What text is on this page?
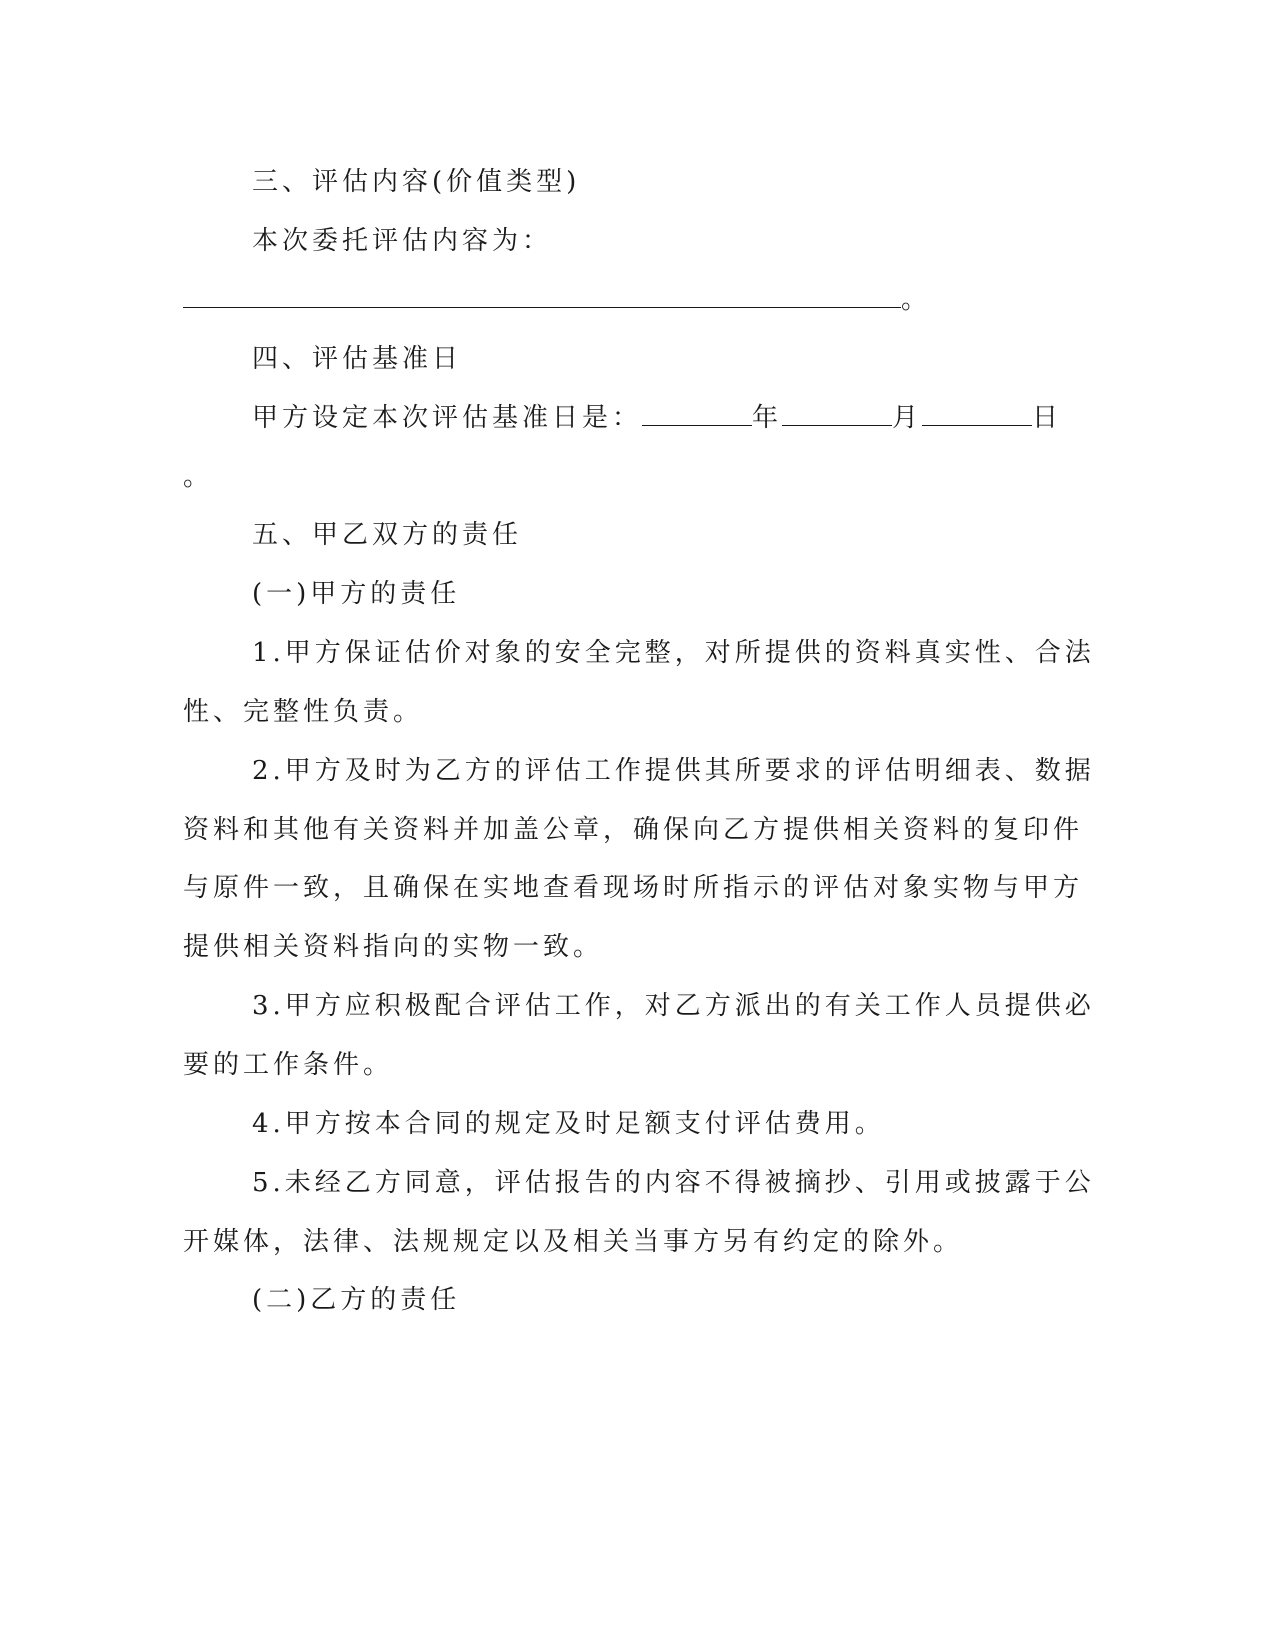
三、评估内容(价值类型)
本次委托评估内容为：
。
四、评估基准日
甲方设定本次评估基准日是：	年	月	日
。
五、甲乙双方的责任
(一)甲方的责任
1.甲方保证估价对象的安全完整，对所提供的资料真实性、合法
性、完整性负责。
2.甲方及时为乙方的评估工作提供其所要求的评估明细表、数据
资料和其他有关资料并加盖公章，确保向乙方提供相关资料的复印件
与原件一致，且确保在实地查看现场时所指示的评估对象实物与甲方
提供相关资料指向的实物一致。
3.甲方应积极配合评估工作，对乙方派出的有关工作人员提供必
要的工作条件。
4.甲方按本合同的规定及时足额支付评估费用。
5.未经乙方同意，评估报告的内容不得被摘抄、引用或披露于公
开媒体，法律、法规规定以及相关当事方另有约定的除外。
(二)乙方的责任
